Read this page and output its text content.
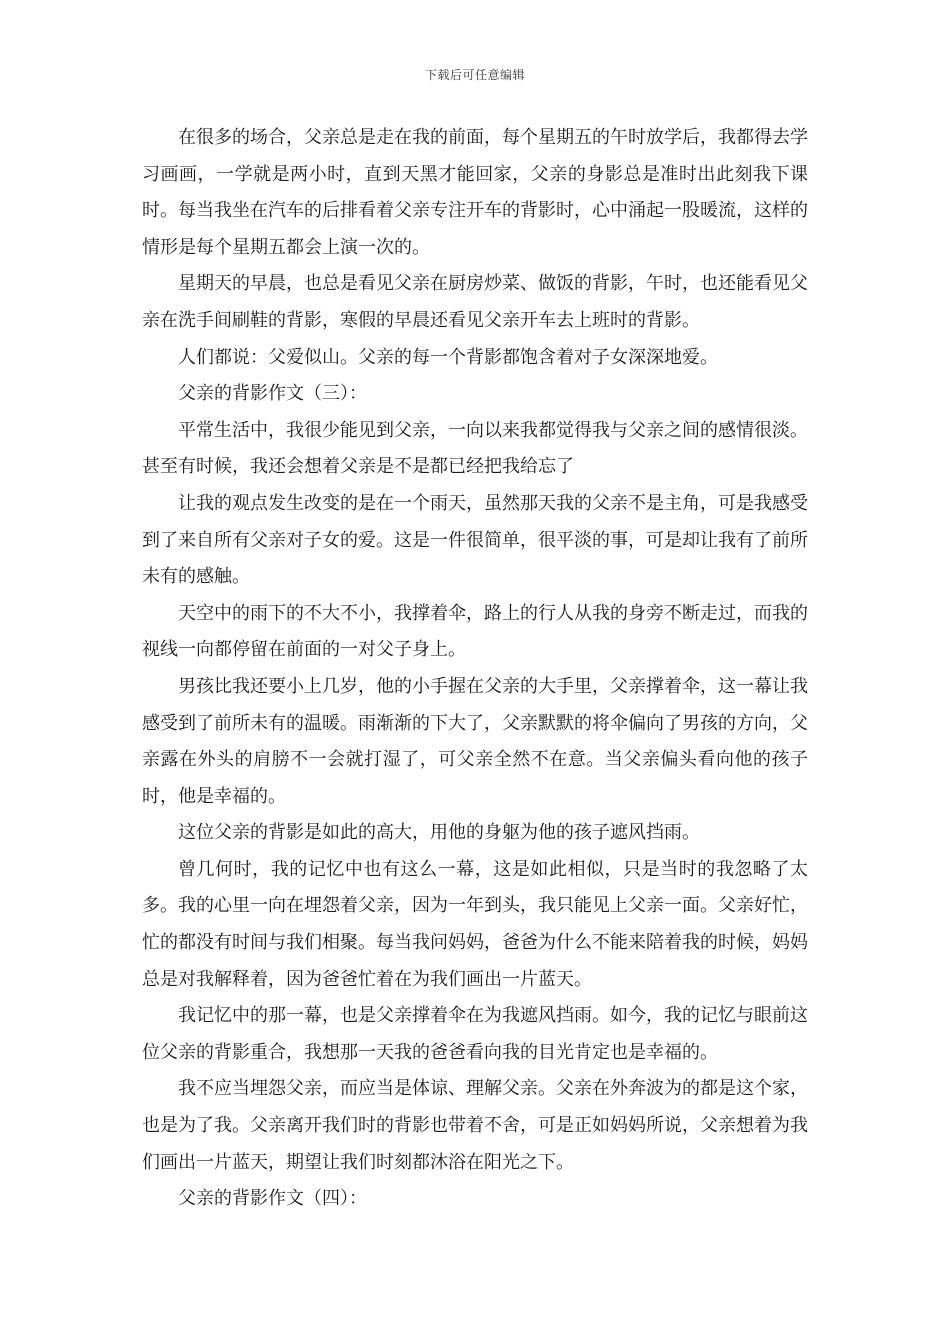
下载后可任意编辑

在很多的场合，父亲总是走在我的前面，每个星期五的午时放学后，我都得去学习画画，一学就是两小时，直到天黑才能回家，父亲的身影总是准时出此刻我下课时。每当我坐在汽车的后排看着父亲专注开车的背影时，心中涌起一股暖流，这样的情形是每个星期五都会上演一次的。

星期天的早晨，也总是看见父亲在厨房炒菜、做饭的背影，午时，也还能看见父亲在洗手间刷鞋的背影，寒假的早晨还看见父亲开车去上班时的背影。

人们都说：父爱似山。父亲的每一个背影都饱含着对子女深深地爱。

父亲的背影作文（三）：

平常生活中，我很少能见到父亲，一向以来我都觉得我与父亲之间的感情很淡。甚至有时候，我还会想着父亲是不是都已经把我给忘了

让我的观点发生改变的是在一个雨天，虽然那天我的父亲不是主角，可是我感受到了来自所有父亲对子女的爱。这是一件很简单，很平淡的事，可是却让我有了前所未有的感触。

天空中的雨下的不大不小，我撑着伞，路上的行人从我的身旁不断走过，而我的视线一向都停留在前面的一对父子身上。

男孩比我还要小上几岁，他的小手握在父亲的大手里，父亲撑着伞，这一幕让我感受到了前所未有的温暖。雨渐渐的下大了，父亲默默的将伞偏向了男孩的方向，父亲露在外头的肩膀不一会就打湿了，可父亲全然不在意。当父亲偏头看向他的孩子时，他是幸福的。

这位父亲的背影是如此的高大，用他的身躯为他的孩子遮风挡雨。

曾几何时，我的记忆中也有这么一幕，这是如此相似，只是当时的我忽略了太多。我的心里一向在埋怨着父亲，因为一年到头，我只能见上父亲一面。父亲好忙，忙的都没有时间与我们相聚。每当我问妈妈，爸爸为什么不能来陪着我的时候，妈妈总是对我解释着，因为爸爸忙着在为我们画出一片蓝天。

我记忆中的那一幕，也是父亲撑着伞在为我遮风挡雨。如今，我的记忆与眼前这位父亲的背影重合，我想那一天我的爸爸看向我的目光肯定也是幸福的。

我不应当埋怨父亲，而应当是体谅、理解父亲。父亲在外奔波为的都是这个家，也是为了我。父亲离开我们时的背影也带着不舍，可是正如妈妈所说，父亲想着为我们画出一片蓝天，期望让我们时刻都沐浴在阳光之下。

父亲的背影作文（四）：
